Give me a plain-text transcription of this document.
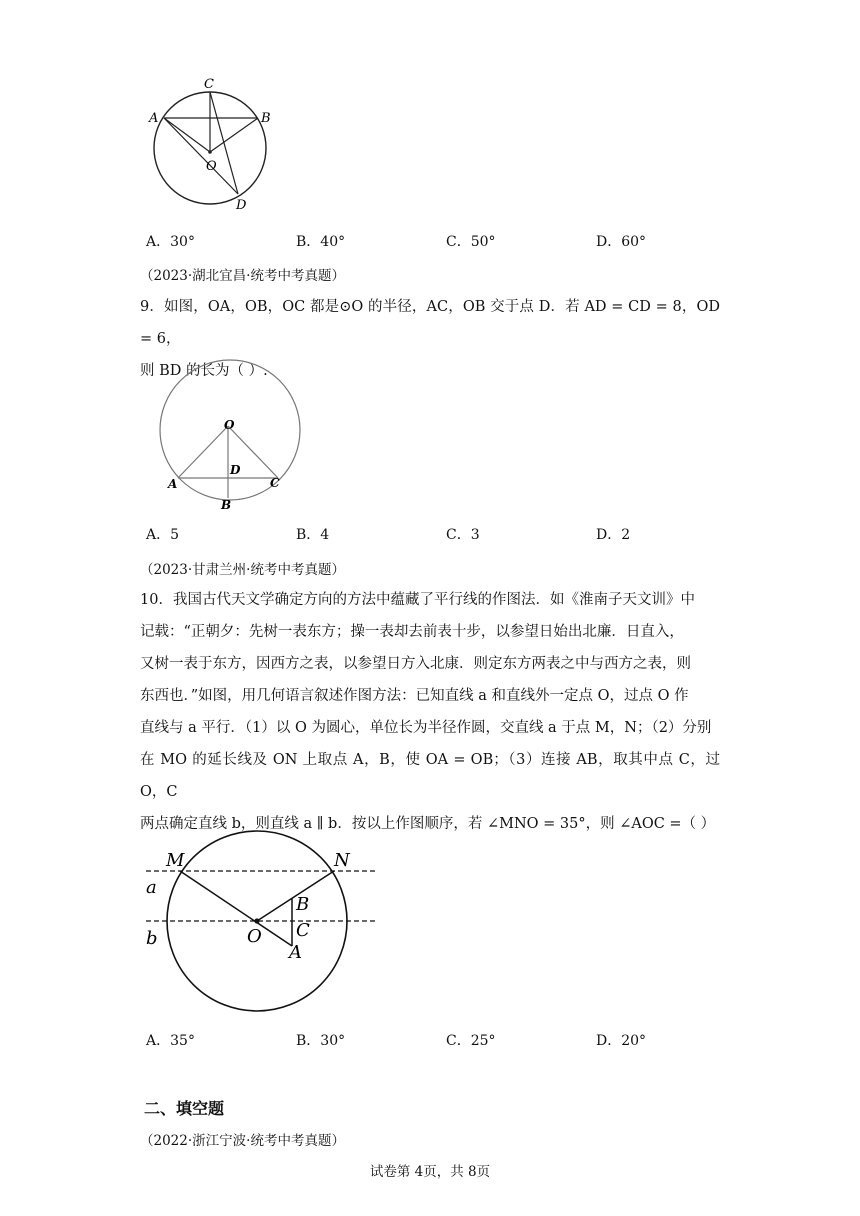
C
A	B
O
D
A．30°	B．40°	C．50°	D．60°
（2023·湖北宜昌·统考中考真题）

9．如图，OA，OB，OC 都是⊙O 的半径，AC，OB 交于点 D．若 AD = CD = 8，OD = 6，

则 BD 的长为（ ）.

O
D
A	C
B
A．5	B．4	C．3	D．2
（2023·甘肃兰州·统考中考真题）

10．我国古代天文学确定方向的方法中蕴藏了平行线的作图法．如《淮南子天文训》中

记载：“正朝夕：先树一表东方；操一表却去前表十步，以参望日始出北廉．日直入，

又树一表于东方，因西方之表，以参望日方入北康．则定东方两表之中与西方之表，则

东西也．”如图，用几何语言叙述作图方法：已知直线 a 和直线外一定点 O，过点 O 作

直线与 a 平行．（1）以 O 为圆心，单位长为半径作圆，交直线 a 于点 M，N；（2）分别

在 MO 的延长线及 ON 上取点 A，B，使 OA = OB；（3）连接 AB，取其中点 C，过 O，C

两点确定直线 b，则直线 a ∥ b．按以上作图顺序，若 ∠MNO = 35°，则 ∠AOC =（ ）

M	N
a
b	O
B
C
A
A．35°	B．30°	C．25°	D．20°
二、填空题
（2022·浙江宁波·统考中考真题）
试卷第 4页，共 8页
